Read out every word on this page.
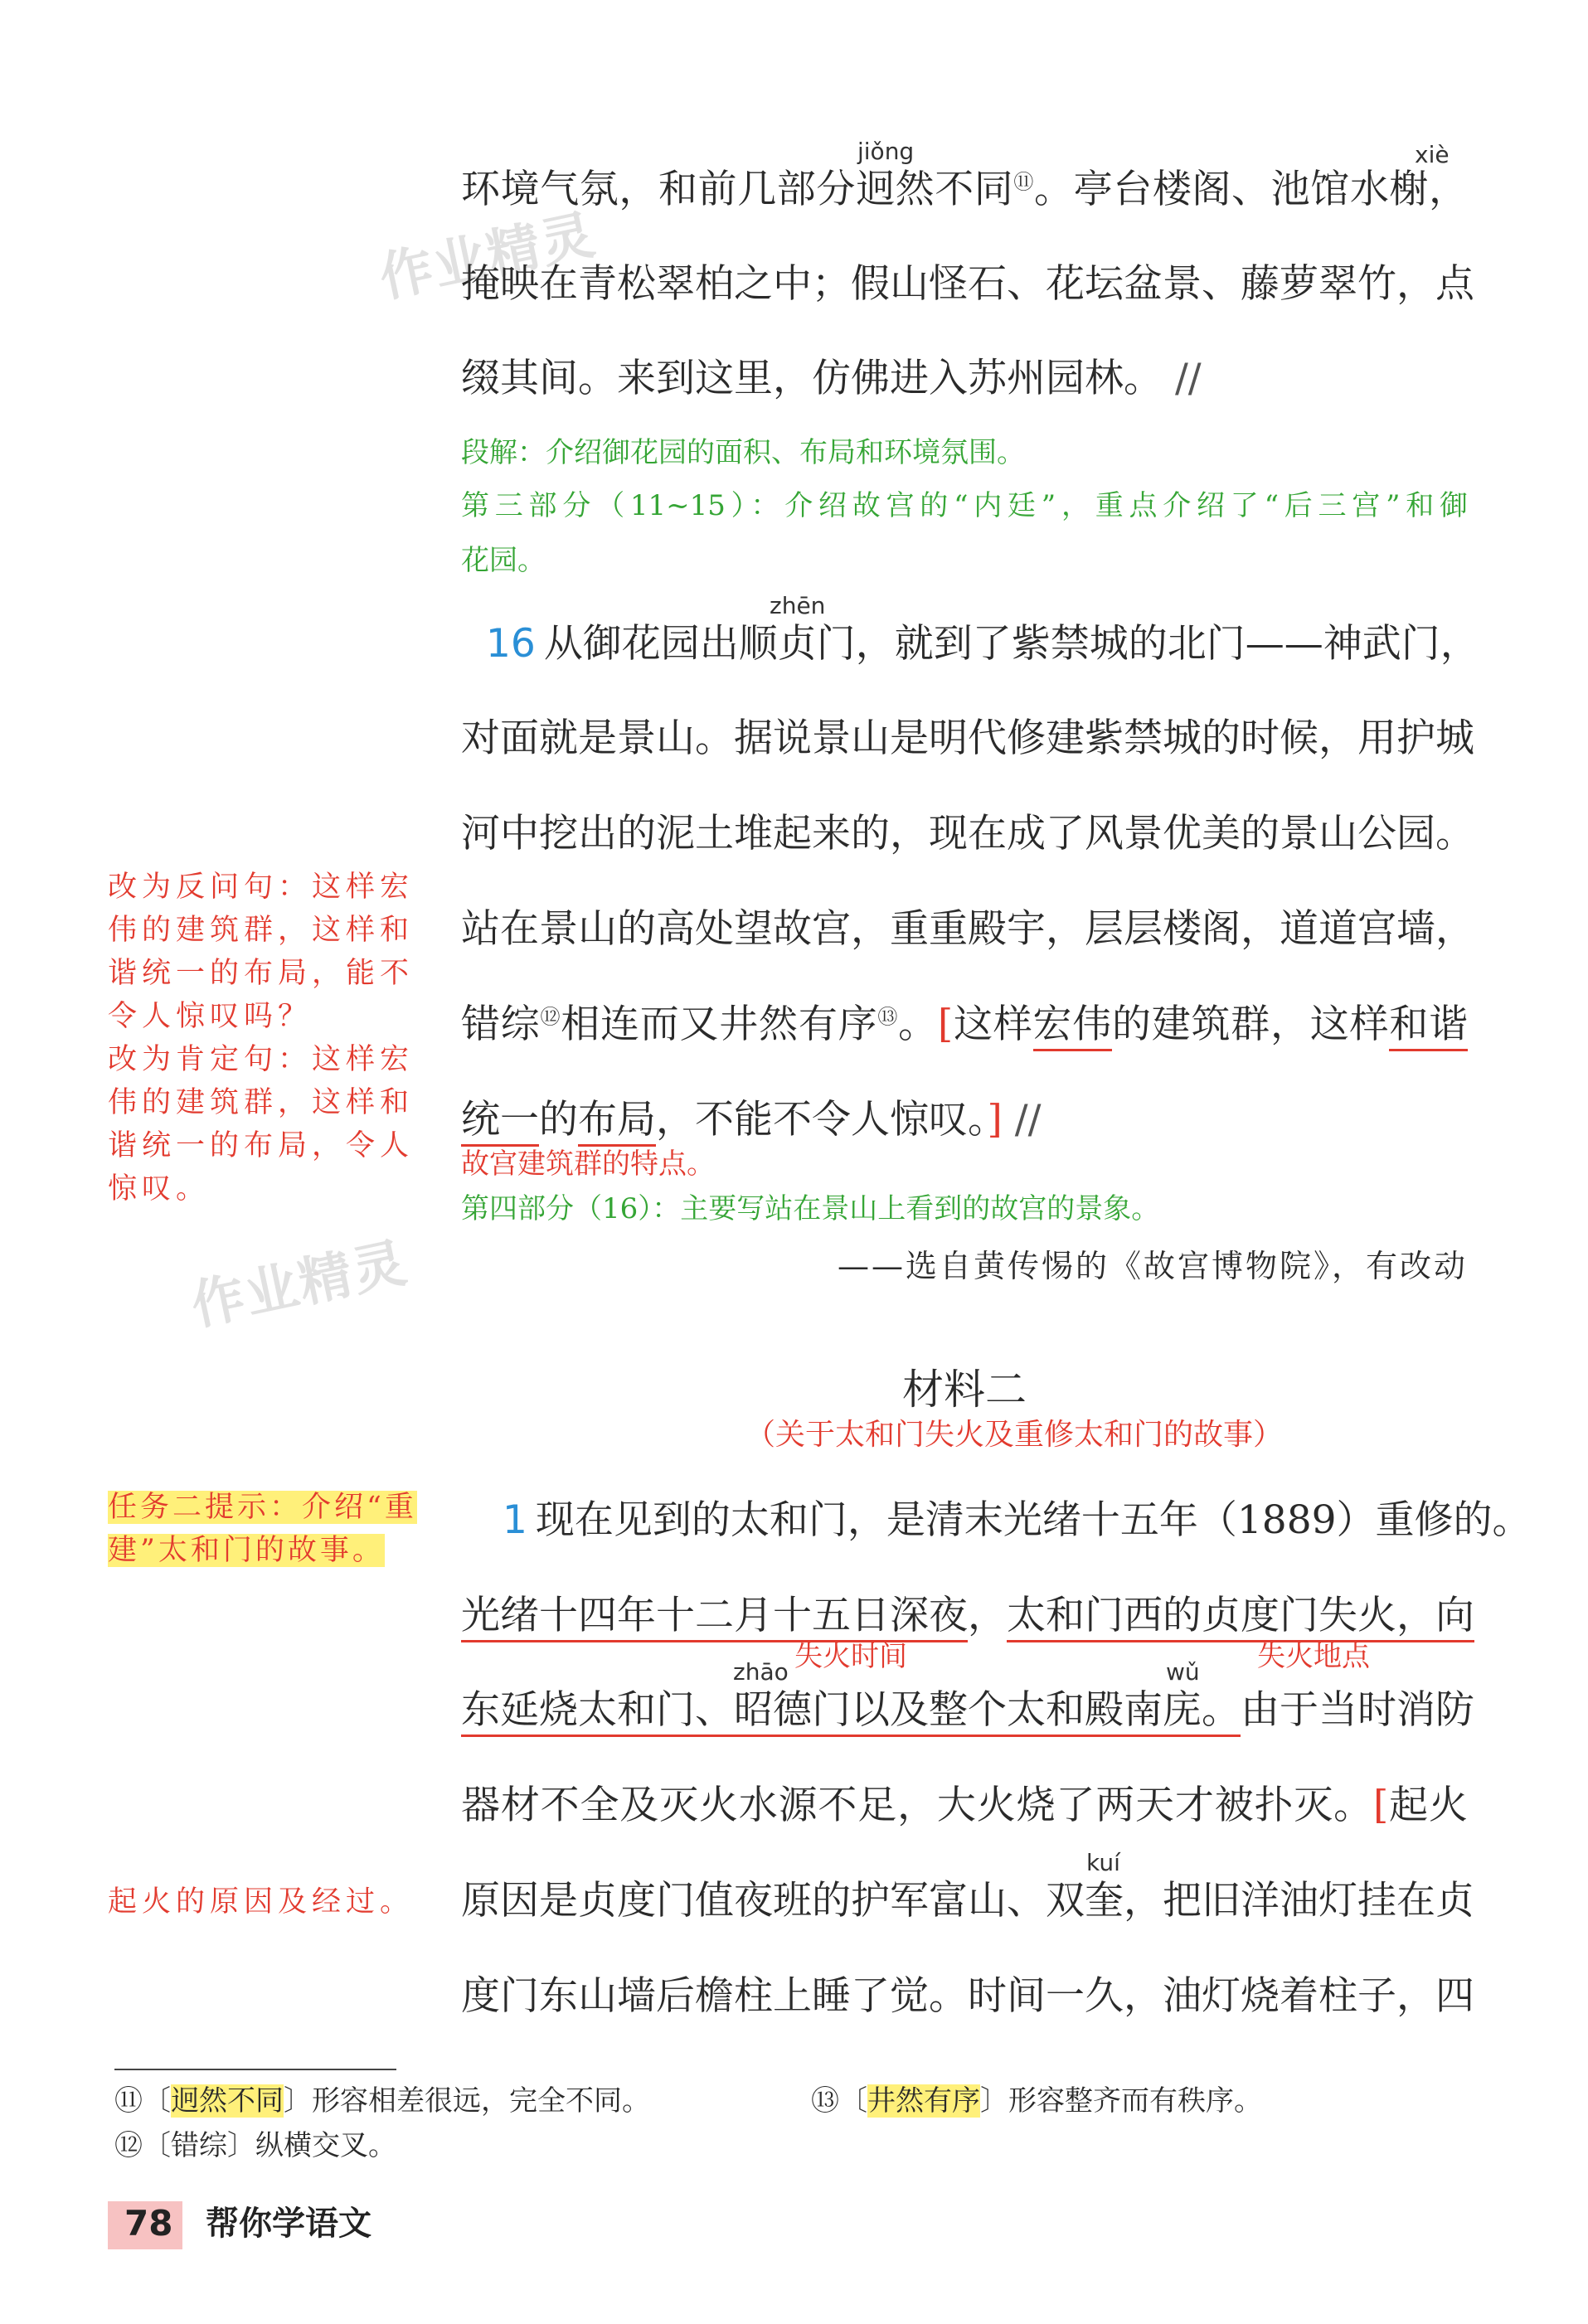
作业精灵
作业精灵
jiǒng	xiè
环境气氛，和前几部分迥然不同⑪。亭台楼阁、池馆水榭，
掩映在青松翠柏之中；假山怪石、花坛盆景、藤萝翠竹，点
缀其间。来到这里，仿佛进入苏州园林。 //
段解：介绍御花园的面积、布局和环境氛围。
第三部分（11~15）：介绍故宫的“内廷”，重点介绍了“后三宫”和御
花园。
zhēn
16 从御花园出顺贞门，就到了紫禁城的北门——神武门，
对面就是景山。据说景山是明代修建紫禁城的时候，用护城
河中挖出的泥土堆起来的，现在成了风景优美的景山公园。
站在景山的高处望故宫，重重殿宇，层层楼阁，道道宫墙，
错综⑫相连而又井然有序⑬。[这样宏伟的建筑群，这样和谐
统一的布局，不能不令人惊叹。] //
故宫建筑群的特点。
第四部分（16）：主要写站在景山上看到的故宫的景象。
——选自黄传惕的《故宫博物院》，有改动
改为反问句：这样宏
伟的建筑群，这样和
谐统一的布局，能不
令人惊叹吗？
改为肯定句：这样宏
伟的建筑群，这样和
谐统一的布局，令人
惊叹。
材料二
（关于太和门失火及重修太和门的故事）
任务二提示：介绍“重
建”太和门的故事。
1 现在见到的太和门，是清末光绪十五年（1889）重修的。
光绪十四年十二月十五日深夜，太和门西的贞度门失火，向
失火时间	失火地点
zhāo	wǔ
东延烧太和门、昭德门以及整个太和殿南庑。由于当时消防
器材不全及灭火水源不足，大火烧了两天才被扑灭。[起火
kuí
原因是贞度门值夜班的护军富山、双奎，把旧洋油灯挂在贞
度门东山墙后檐柱上睡了觉。时间一久，油灯烧着柱子，四
起火的原因及经过。
⑪〔迥然不同〕形容相差很远，完全不同。	⑬〔井然有序〕形容整齐而有秩序。
⑫〔错综〕纵横交叉。
78 帮你学语文
